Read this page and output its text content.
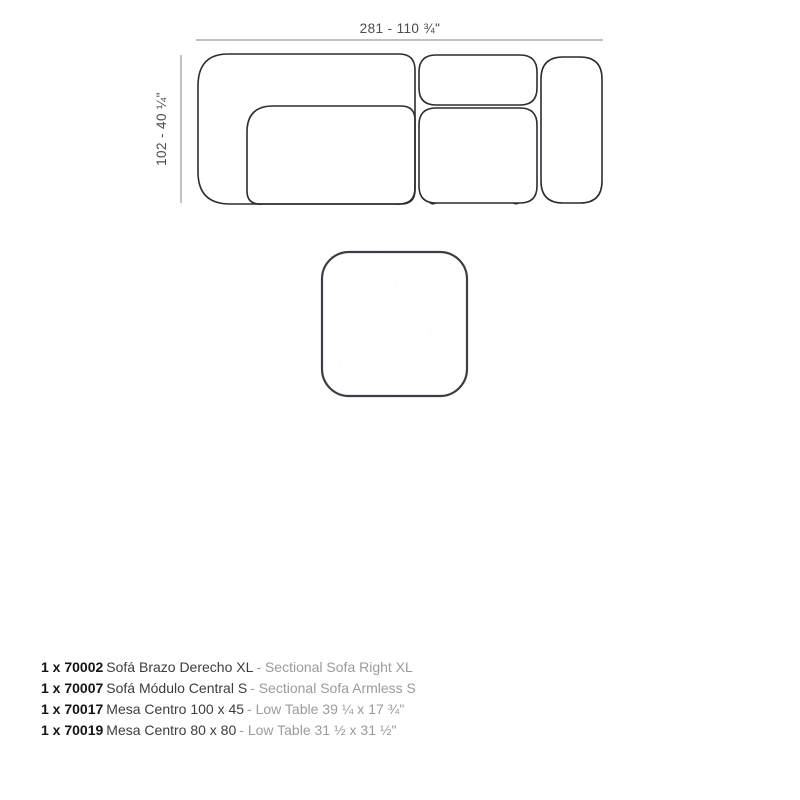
281 - 110 ¾"
102 - 40 ¼"
1 x 70002 Sofá Brazo Derecho XL - Sectional Sofa Right XL
1 x 70007 Sofá Módulo Central S - Sectional Sofa Armless S
1 x 70017 Mesa Centro 100 x 45 - Low Table 39 ¼ x 17 ¾"
1 x 70019 Mesa Centro 80 x 80 - Low Table 31 ½ x 31 ½"
